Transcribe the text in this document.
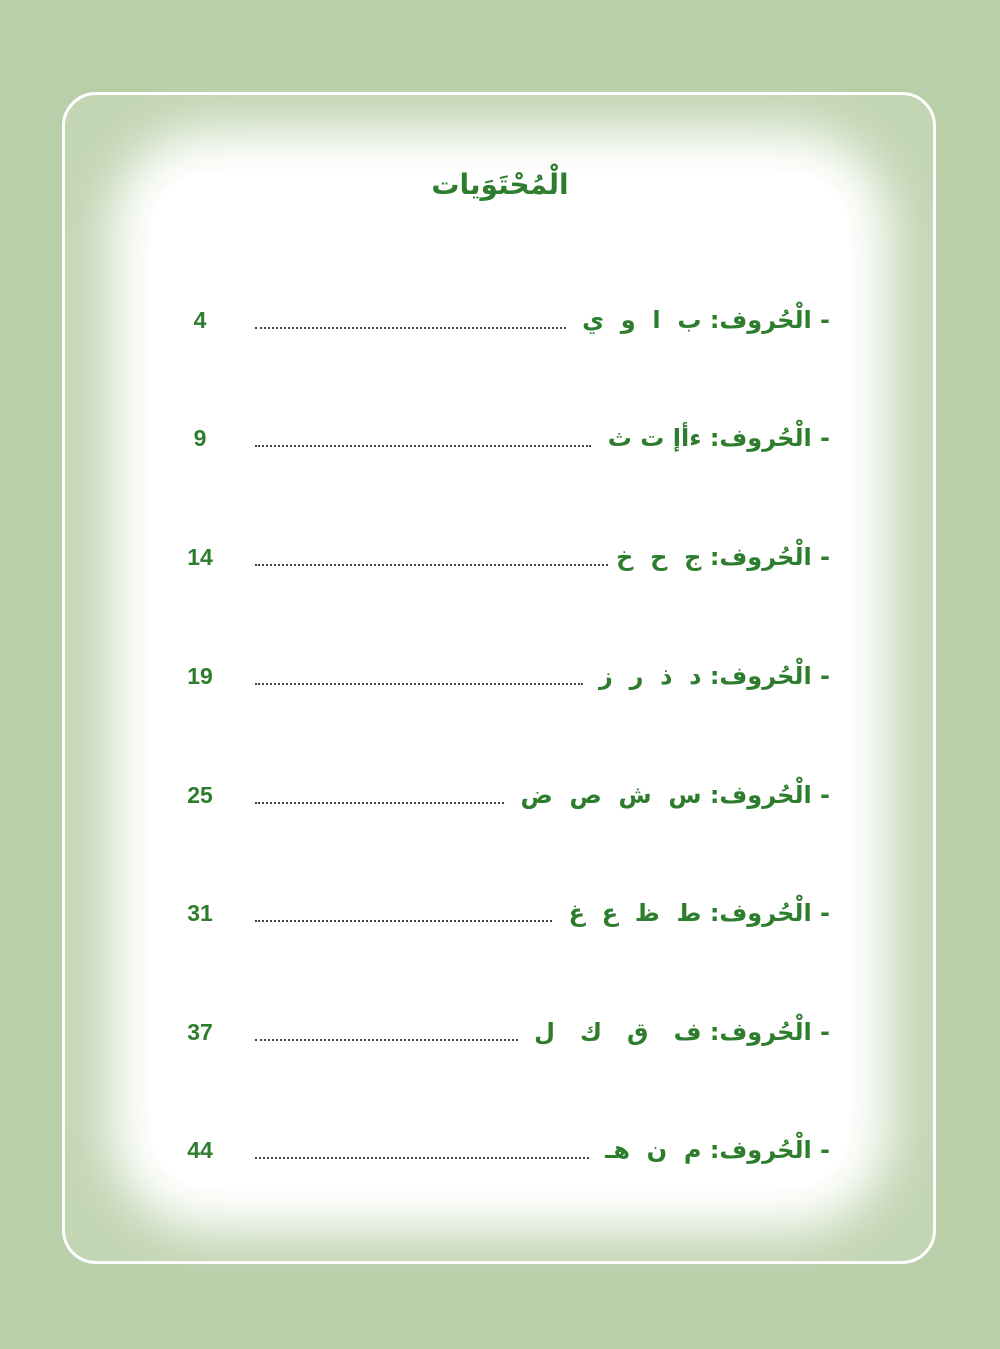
الْمُحْتَوَيات
- الْحُروف: ب  ا  و  ي
4
- الْحُروف: ءأإ ت ث
9
- الْحُروف: ج  ح  خ
14
- الْحُروف: د  ذ  ر  ز
19
- الْحُروف: س  ش  ص  ض
25
- الْحُروف: ط  ظ  ع  غ
31
- الْحُروف: ف   ق   ك   ل
37
- الْحُروف: م  ن  هـ
44
